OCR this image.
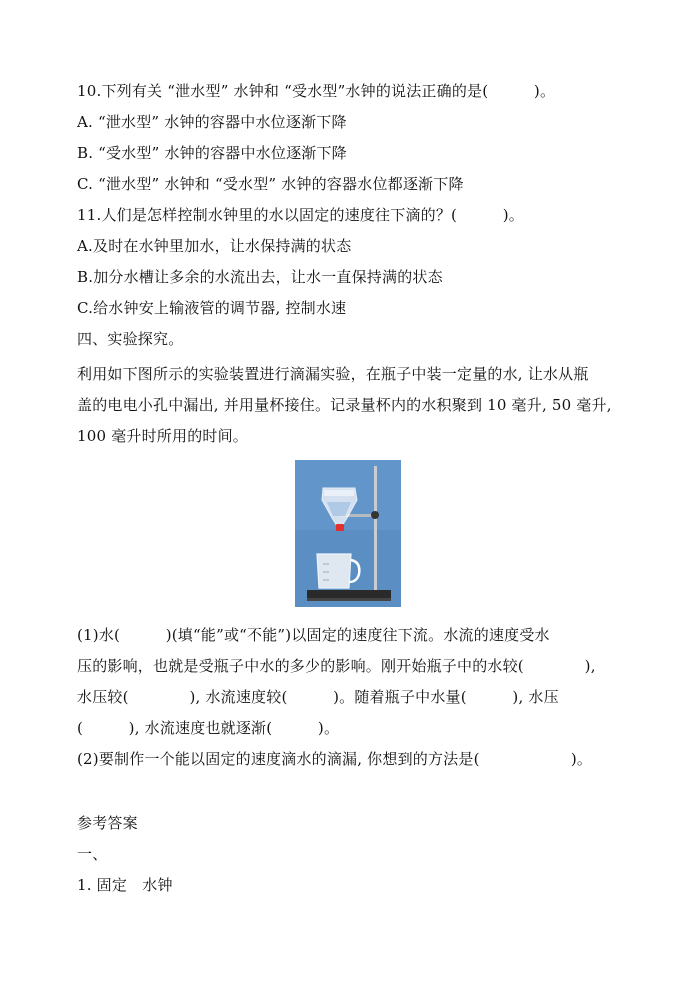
10.下列有关 “泄水型” 水钟和 “受水型”水钟的说法正确的是(　　　)。
A. “泄水型” 水钟的容器中水位逐渐下降
B. “受水型” 水钟的容器中水位逐渐下降
C. “泄水型” 水钟和 “受水型” 水钟的容器水位都逐渐下降
11.人们是怎样控制水钟里的水以固定的速度往下滴的？(　　　)。
A.及时在水钟里加水，让水保持满的状态
B.加分水槽让多余的水流出去，让水一直保持满的状态
C.给水钟安上输液管的调节器, 控制水速
四、实验探究。
利用如下图所示的实验装置进行滴漏实验，在瓶子中装一定量的水, 让水从瓶
盖的电电小孔中漏出, 并用量杯接住。记录量杯内的水积聚到 10 毫升, 50 毫升,
100 毫升时所用的时间。
(1)水(　　　)(填“能”或“不能”)以固定的速度往下流。水流的速度受水
压的影响，也就是受瓶子中水的多少的影响。刚开始瓶子中的水较(　　　　),
水压较(　　　　), 水流速度较(　　　)。随着瓶子中水量(　　　), 水压
(　　　), 水流速度也就逐渐(　　　)。
(2)要制作一个能以固定的速度滴水的滴漏, 你想到的方法是(　　　　　　)。
参考答案
一、
1. 固定　水钟
